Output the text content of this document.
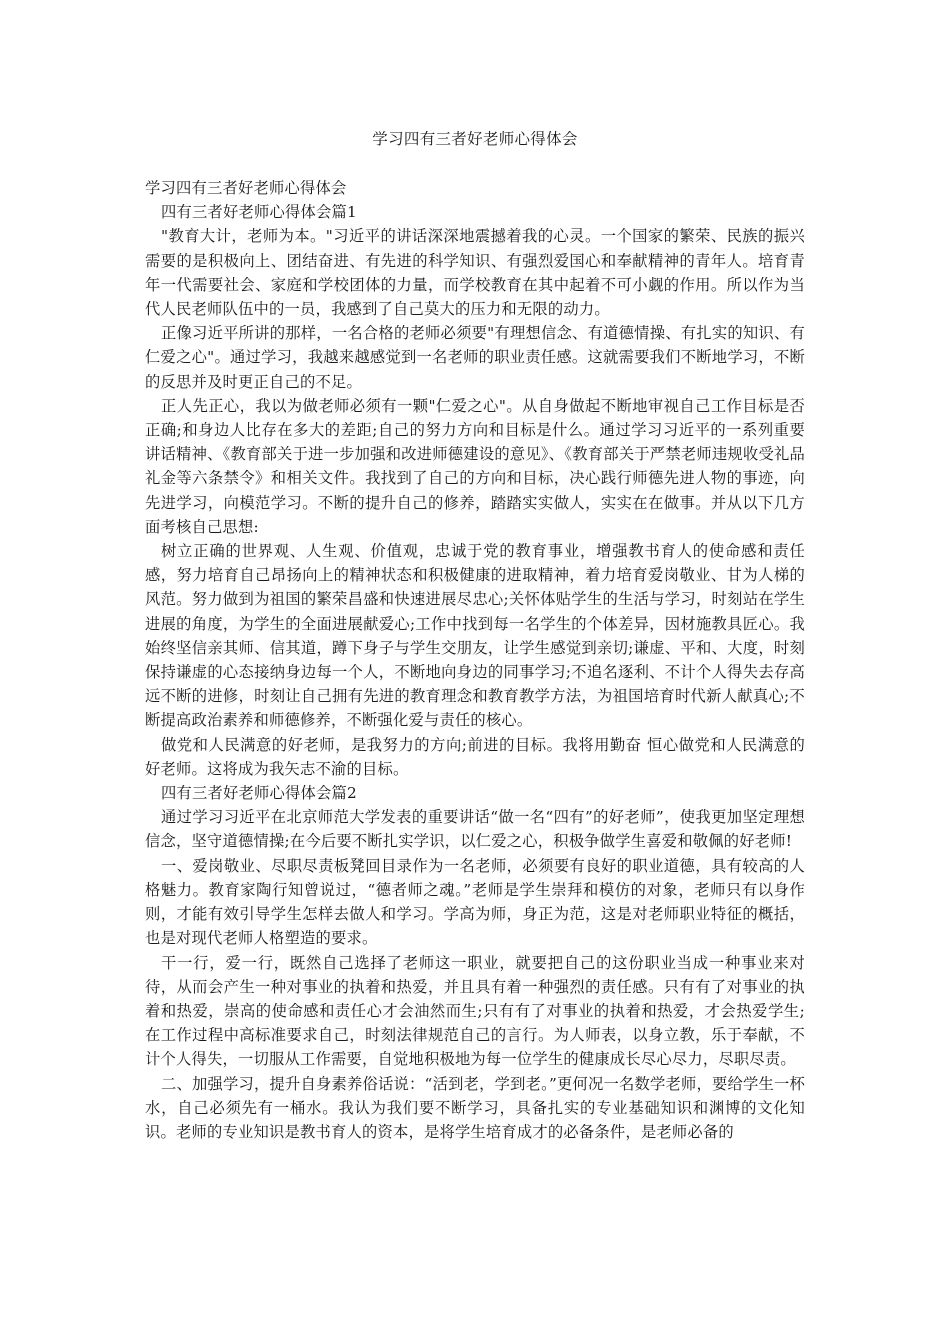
学习四有三者好老师心得体会

学习四有三者好老师心得体会

四有三者好老师心得体会篇1

"教育大计，老师为本。"习近平的讲话深深地震撼着我的心灵。一个国家的繁荣、民族的振兴需要的是积极向上、团结奋进、有先进的科学知识、有强烈爱国心和奉献精神的青年人。培育青年一代需要社会、家庭和学校团体的力量，而学校教育在其中起着不可小觑的作用。所以作为当代人民老师队伍中的一员，我感到了自己莫大的压力和无限的动力。

正像习近平所讲的那样，一名合格的老师必须要"有理想信念、有道德情操、有扎实的知识、有仁爱之心"。通过学习，我越来越感觉到一名老师的职业责任感。这就需要我们不断地学习，不断的反思并及时更正自己的不足。

正人先正心，我以为做老师必须有一颗"仁爱之心"。从自身做起不断地审视自己工作目标是否正确;和身边人比存在多大的差距;自己的努力方向和目标是什么。通过学习习近平的一系列重要讲话精神、《教育部关于进一步加强和改进师德建设的意见》、《教育部关于严禁老师违规收受礼品礼金等六条禁令》和相关文件。我找到了自己的方向和目标，决心践行师德先进人物的事迹，向先进学习，向模范学习。不断的提升自己的修养，踏踏实实做人，实实在在做事。并从以下几方面考核自己思想:

树立正确的世界观、人生观、价值观，忠诚于党的教育事业，增强教书育人的使命感和责任感，努力培育自己昂扬向上的精神状态和积极健康的进取精神，着力培育爱岗敬业、甘为人梯的风范。努力做到为祖国的繁荣昌盛和快速进展尽忠心;关怀体贴学生的生活与学习，时刻站在学生进展的角度，为学生的全面进展献爱心;工作中找到每一名学生的个体差异，因材施教具匠心。我始终坚信亲其师、信其道，蹲下身子与学生交朋友，让学生感觉到亲切;谦虚、平和、大度，时刻保持谦虚的心态接纳身边每一个人，不断地向身边的同事学习;不追名逐利、不计个人得失去存高远不断的进修，时刻让自己拥有先进的教育理念和教育教学方法，为祖国培育时代新人献真心;不断提高政治素养和师德修养，不断强化爱与责任的核心。

做党和人民满意的好老师，是我努力的方向;前进的目标。我将用勤奋 恒心做党和人民满意的好老师。这将成为我矢志不渝的目标。

四有三者好老师心得体会篇2

通过学习习近平在北京师范大学发表的重要讲话“做一名“四有”的好老师”，使我更加坚定理想信念，坚守道德情操;在今后要不断扎实学识，以仁爱之心，积极争做学生喜爱和敬佩的好老师!

一、爱岗敬业、尽职尽责板凳回目录作为一名老师，必须要有良好的职业道德，具有较高的人格魅力。教育家陶行知曾说过，“德者师之魂。”老师是学生崇拜和模仿的对象，老师只有以身作则，才能有效引导学生怎样去做人和学习。学高为师，身正为范，这是对老师职业特征的概括，也是对现代老师人格塑造的要求。

干一行，爱一行，既然自己选择了老师这一职业，就要把自己的这份职业当成一种事业来对待，从而会产生一种对事业的执着和热爱，并且具有着一种强烈的责任感。只有有了对事业的执着和热爱，崇高的使命感和责任心才会油然而生;只有有了对事业的执着和热爱，才会热爱学生;在工作过程中高标准要求自己，时刻法律规范自己的言行。为人师表，以身立教，乐于奉献，不计个人得失，一切服从工作需要，自觉地积极地为每一位学生的健康成长尽心尽力，尽职尽责。

二、加强学习，提升自身素养俗话说：“活到老，学到老。”更何况一名数学老师，要给学生一杯水，自己必须先有一桶水。我认为我们要不断学习，具备扎实的专业基础知识和渊博的文化知识。老师的专业知识是教书育人的资本，是将学生培育成才的必备条件，是老师必备的
